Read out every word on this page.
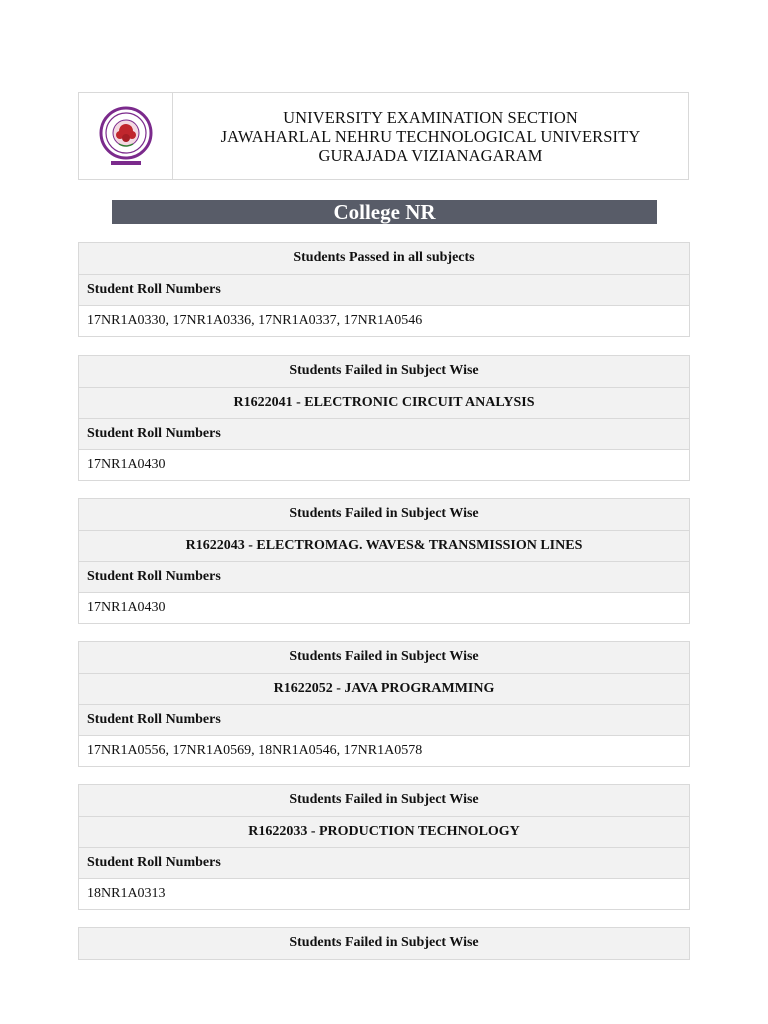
UNIVERSITY EXAMINATION SECTION
JAWAHARLAL NEHRU TECHNOLOGICAL UNIVERSITY
GURAJADA VIZIANAGARAM
College NR
Students Passed in all subjects
Student Roll Numbers
17NR1A0330, 17NR1A0336, 17NR1A0337, 17NR1A0546
Students Failed in Subject Wise
R1622041 - ELECTRONIC CIRCUIT ANALYSIS
Student Roll Numbers
17NR1A0430
Students Failed in Subject Wise
R1622043 - ELECTROMAG. WAVES& TRANSMISSION LINES
Student Roll Numbers
17NR1A0430
Students Failed in Subject Wise
R1622052 - JAVA PROGRAMMING
Student Roll Numbers
17NR1A0556, 17NR1A0569, 18NR1A0546, 17NR1A0578
Students Failed in Subject Wise
R1622033 - PRODUCTION TECHNOLOGY
Student Roll Numbers
18NR1A0313
Students Failed in Subject Wise
